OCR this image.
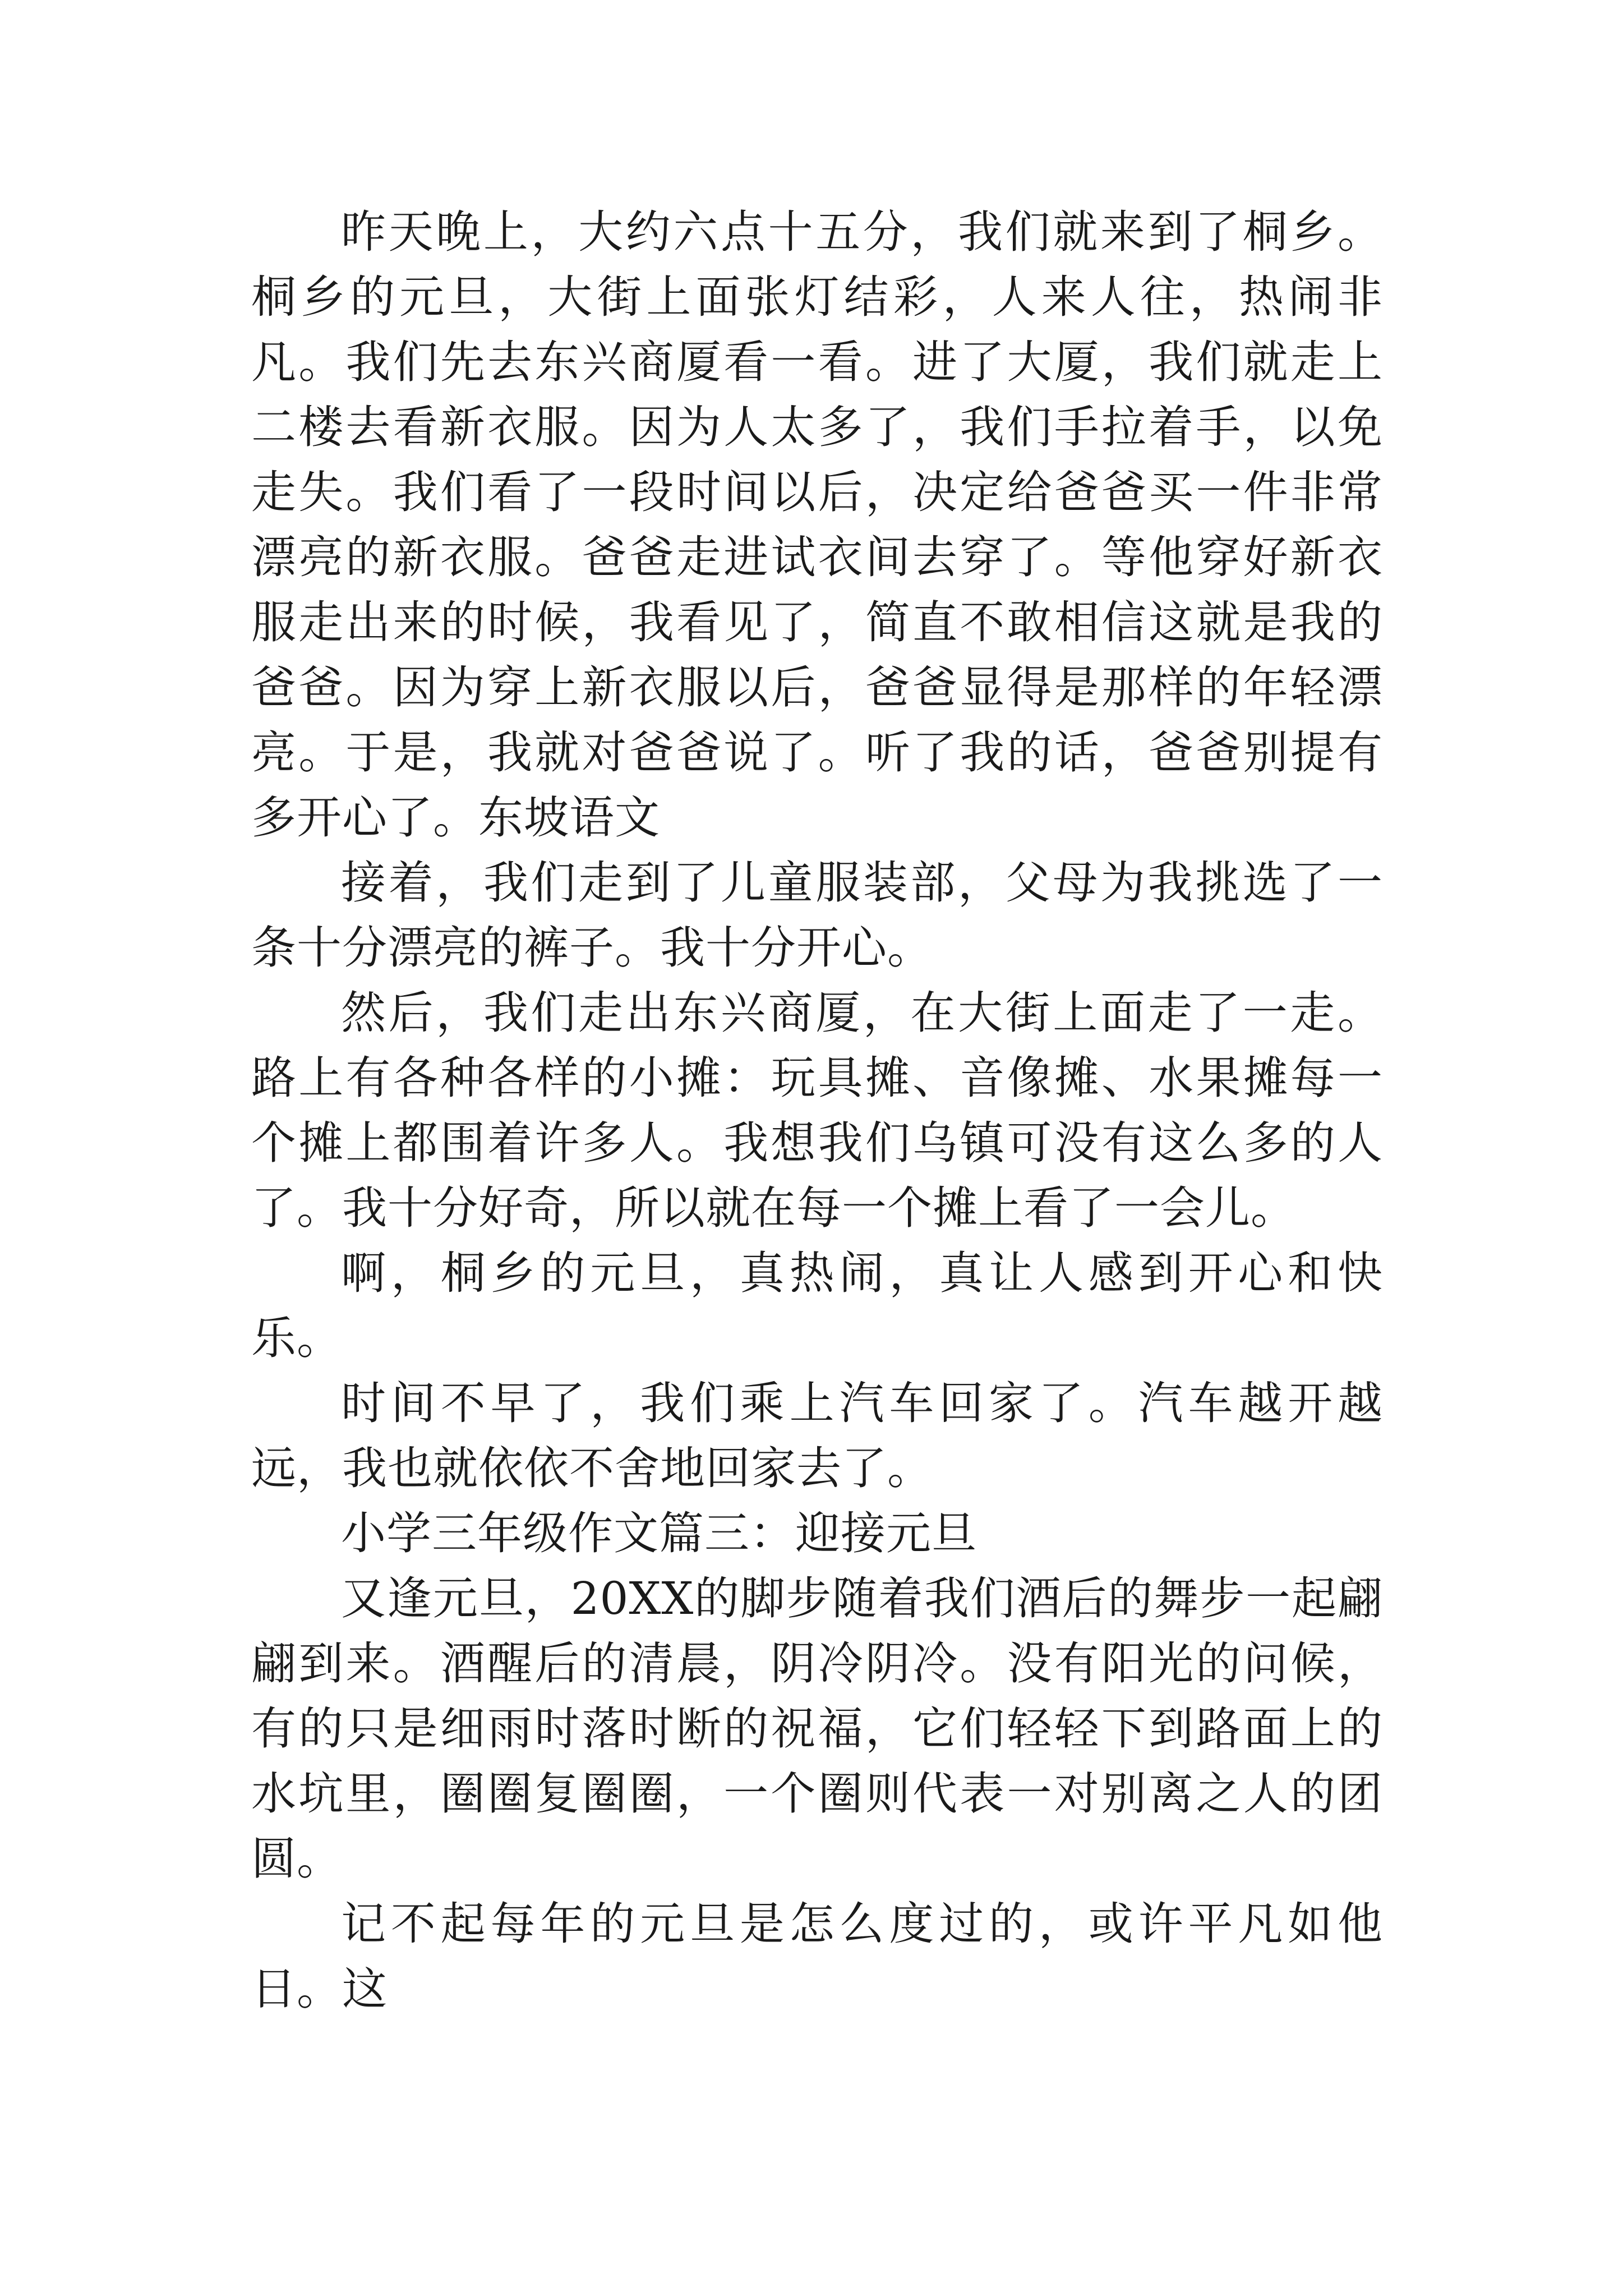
昨天晚上，大约六点十五分，我们就来到了桐乡。桐乡的元旦，大街上面张灯结彩，人来人往，热闹非凡。我们先去东兴商厦看一看。进了大厦，我们就走上二楼去看新衣服。因为人太多了，我们手拉着手，以免走失。我们看了一段时间以后，决定给爸爸买一件非常漂亮的新衣服。爸爸走进试衣间去穿了。等他穿好新衣服走出来的时候，我看见了，简直不敢相信这就是我的爸爸。因为穿上新衣服以后，爸爸显得是那样的年轻漂亮。于是，我就对爸爸说了。听了我的话，爸爸别提有多开心了。东坡语文

接着，我们走到了儿童服装部，父母为我挑选了一条十分漂亮的裤子。我十分开心。

然后，我们走出东兴商厦，在大街上面走了一走。路上有各种各样的小摊：玩具摊、音像摊、水果摊每一个摊上都围着许多人。我想我们乌镇可没有这么多的人了。我十分好奇，所以就在每一个摊上看了一会儿。

啊，桐乡的元旦，真热闹，真让人感到开心和快乐。

时间不早了，我们乘上汽车回家了。汽车越开越远，我也就依依不舍地回家去了。

小学三年级作文篇三：迎接元旦

又逢元旦，20XX的脚步随着我们酒后的舞步一起翩翩到来。酒醒后的清晨，阴冷阴冷。没有阳光的问候，有的只是细雨时落时断的祝福，它们轻轻下到路面上的水坑里，圈圈复圈圈，一个圈则代表一对别离之人的团圆。

记不起每年的元旦是怎么度过的，或许平凡如他日。这
